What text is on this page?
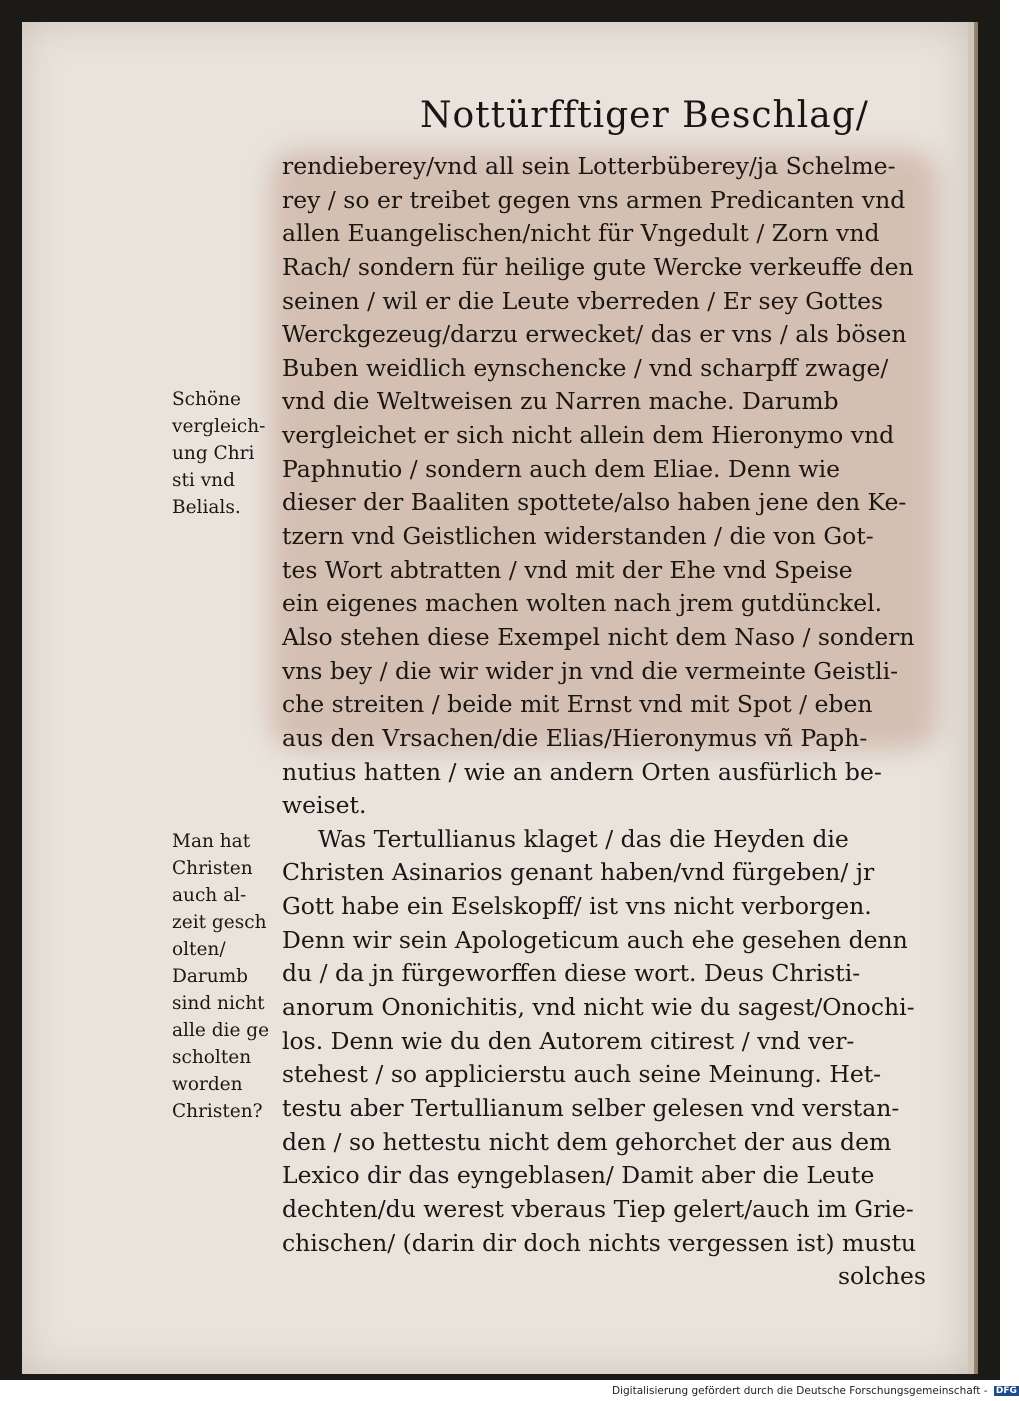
Nottürfftiger Beschlag/
rendieberey/vnd all sein Lotterbüberey/ja Schelme-
rey / so er treibet gegen vns armen Predicanten vnd
allen Euangelischen/nicht für Vngedult / Zorn vnd
Rach/ sondern für heilige gute Wercke verkeuffe den
seinen / wil er die Leute vberreden / Er sey Gottes
Werckgezeug/darzu erwecket/ das er vns / als bösen
Buben weidlich eynschencke / vnd scharpff zwage/
vnd die Weltweisen zu Narren mache. Darumb
vergleichet er sich nicht allein dem Hieronymo vnd
Paphnutio / sondern auch dem Eliae. Denn wie
dieser der Baaliten spottete/also haben jene den Ke-
tzern vnd Geistlichen widerstanden / die von Got-
tes Wort abtratten / vnd mit der Ehe vnd Speise
ein eigenes machen wolten nach jrem gutdünckel.
Also stehen diese Exempel nicht dem Naso / sondern
vns bey / die wir wider jn vnd die vermeinte Geistli-
che streiten / beide mit Ernst vnd mit Spot / eben
aus den Vrsachen/die Elias/Hieronymus vñ Paph-
nutius hatten / wie an andern Orten ausfürlich be-
weiset.
Was Tertullianus klaget / das die Heyden die
Christen Asinarios genant haben/vnd fürgeben/ jr
Gott habe ein Eselskopff/ ist vns nicht verborgen.
Denn wir sein Apologeticum auch ehe gesehen denn
du / da jn fürgeworffen diese wort. Deus Christi-
anorum Ononichitis, vnd nicht wie du sagest/Onochi-
los. Denn wie du den Autorem citirest / vnd ver-
stehest / so applicierstu auch seine Meinung. Het-
testu aber Tertullianum selber gelesen vnd verstan-
den / so hettestu nicht dem gehorchet der aus dem
Lexico dir das eyngeblasen/ Damit aber die Leute
dechten/du werest vberaus Tiep gelert/auch im Grie-
chischen/ (darin dir doch nichts vergessen ist) mustu
solches
Schöne
vergleich-
ung Chri
sti vnd
Belials.
Man hat
Christen
auch al-
zeit gesch
olten/
Darumb
sind nicht
alle die ge
scholten
worden
Christen?
Digitalisierung gefördert durch die Deutsche Forschungsgemeinschaft - DFG
